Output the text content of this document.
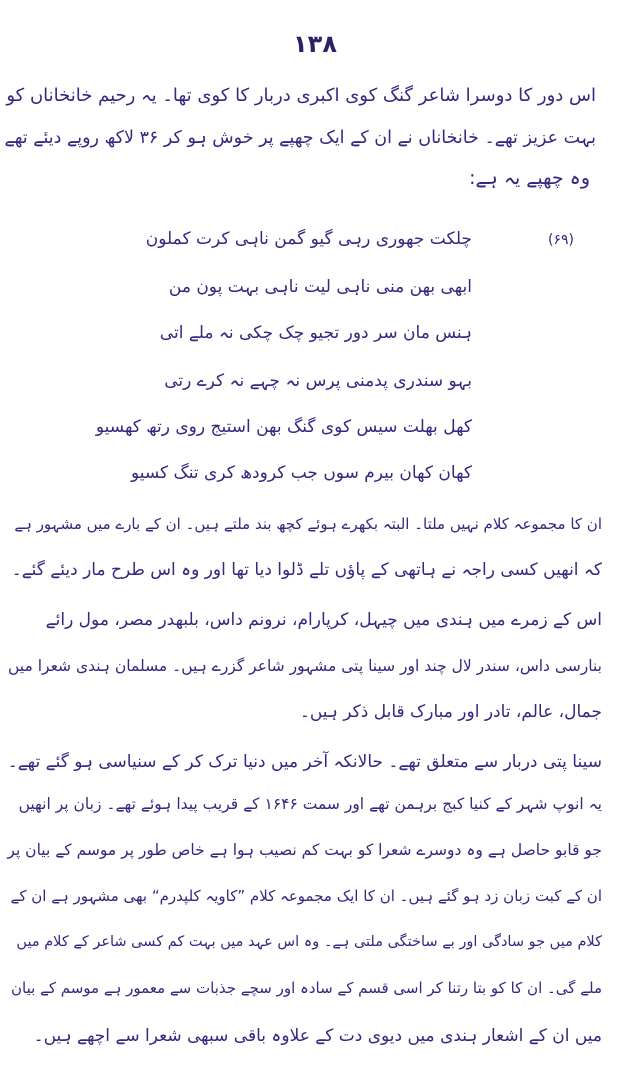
۱۳۸
اس دور کا دوسرا شاعر گنگ کوی اکبری دربار کا کوی تھا۔ یہ رحیم خانخاناں کو
بہت عزیز تھے۔ خانخاناں نے ان کے ایک چھپے پر خوش ہو کر ۳۶ لاکھ روپے دیئے تھے
وہ چھپے یہ ہے:
(۶۹)
چلکت جھوری رہی گیو گمن ناہی کرت کملون
ابھی بھن منی ناہی لیت ناہی بہت پون من
ہنس مان سر دور تجیو چک چکی نہ ملے اتی
بہو سندری پدمنی پرس نہ چہے نہ کرے رتی
کھل بھلت سیس کوی گنگ بھن استیج روی رتھ کھسیو
کھان کھان بیرم سوں جب کرودھ کری تنگ کسیو
ان کا مجموعہ کلام نہیں ملتا۔ البتہ بکھرے ہوئے کچھ بند ملتے ہیں۔ ان کے بارے میں مشہور ہے
کہ انھیں کسی راجہ نے ہاتھی کے پاؤں تلے ڈلوا دیا تھا اور وہ اس طرح مار دیئے گئے۔
اس کے زمرے میں ہندی میں چیہل، کرپارام، نرونم داس، بلبھدر مصر، مول رائے
بنارسی داس، سندر لال چند اور سینا پتی مشہور شاعر گزرے ہیں۔ مسلمان ہندی شعرا میں
جمال، عالم، تادر اور مبارک قابل ذکر ہیں۔
سینا پتی دربار سے متعلق تھے۔ حالانکہ آخر میں دنیا ترک کر کے سنیاسی ہو گئے تھے۔
یہ انوپ شہر کے کنیا کبج برہمن تھے اور سمت ۱۶۴۶ کے قریب پیدا ہوئے تھے۔ زبان پر انھیں
جو قابو حاصل ہے وہ دوسرے شعرا کو بہت کم نصیب ہوا ہے خاص طور پر موسم کے بیان پر
ان کے کبت زبان زد ہو گئے ہیں۔ ان کا ایک مجموعہ کلام ”کاویہ کلپدرم“ بھی مشہور ہے ان کے
کلام میں جو سادگی اور بے ساختگی ملتی ہے۔ وہ اس عہد میں بہت کم کسی شاعر کے کلام میں
ملے گی۔ ان کا کو بتا رتنا کر اسی قسم کے سادہ اور سچے جذبات سے معمور ہے موسم کے بیان
میں ان کے اشعار ہندی میں دیوی دت کے علاوہ باقی سبھی شعرا سے اچھے ہیں۔
